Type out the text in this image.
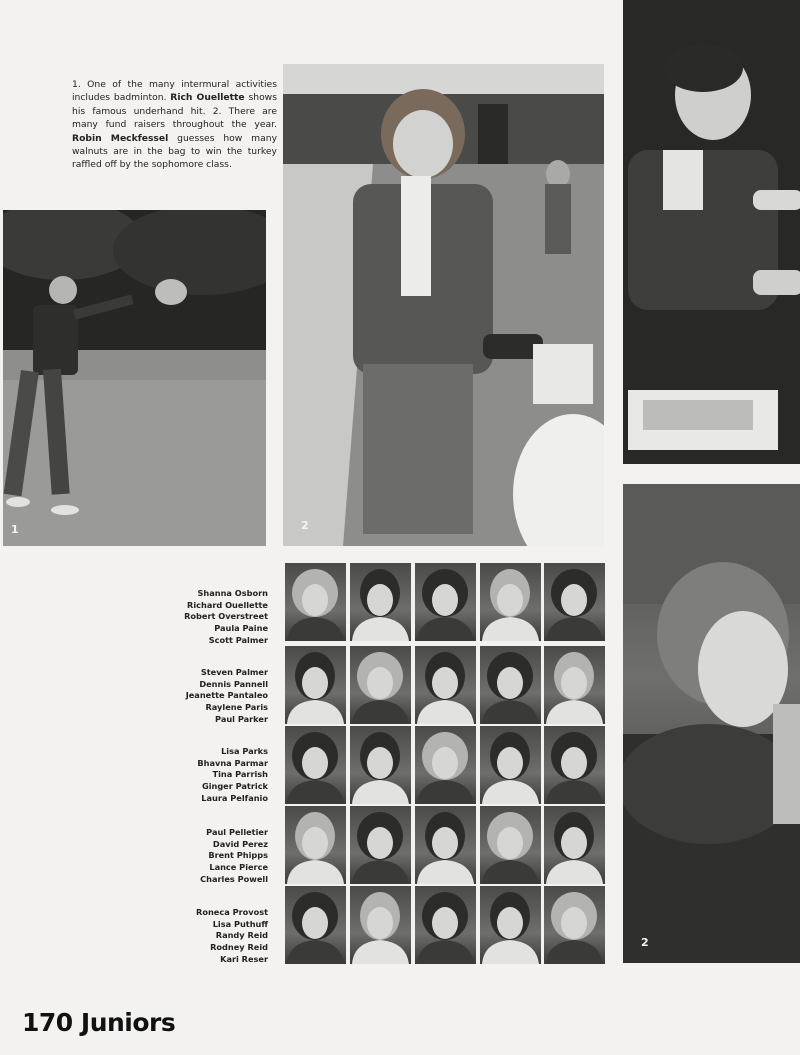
1. One of the many intermural activities includes badminton. Rich Ouellette shows his famous underhand hit. 2. There are many fund raisers throughout the year. Robin Meckfessel guesses how many walnuts are in the bag to win the turkey raffled off by the sophomore class.
1	2
2
Shanna Osborn
Richard Ouellette
Robert Overstreet
Paula Paine
Scott Palmer
Steven Palmer
Dennis Pannell
Jeanette Pantaleo
Raylene Paris
Paul Parker
Lisa Parks
Bhavna Parmar
Tina Parrish
Ginger Patrick
Laura Pelfanio
Paul Pelletier
David Perez
Brent Phipps
Lance Pierce
Charles Powell
Roneca Provost
Lisa Puthuff
Randy Reid
Rodney Reid
Kari Reser
170 Juniors
